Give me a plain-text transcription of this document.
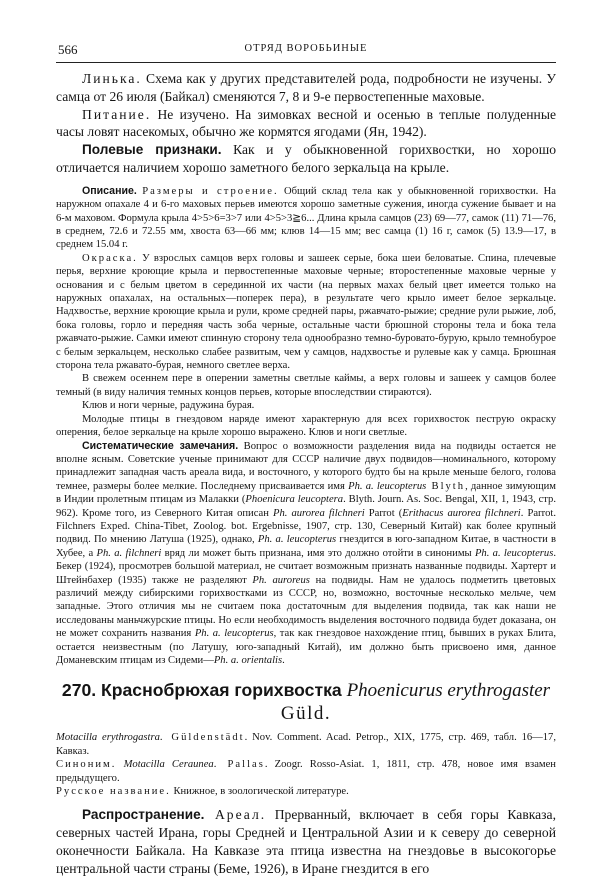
566	ОТРЯД ВОРОБЬИНЫЕ

Линька. Схема как у других представителей рода, подробности не изучены. У самца от 26 июля (Байкал) сменяются 7, 8 и 9-е первостепенные маховые.

Питание. Не изучено. На зимовках весной и осенью в теплые полуденные часы ловят насекомых, обычно же кормятся ягодами (Ян, 1942).

Полевые признаки. Как и у обыкновенной горихвостки, но хорошо отличается наличием хорошо заметного белого зеркальца на крыле.

Описание. Размеры и строение. Общий склад тела как у обыкновенной горихвостки. На наружном опахале 4 и 6-го маховых перьев имеются хорошо заметные сужения, иногда сужение бывает и на 6-м маховом. Формула крыла 4>5>6=3>7 или 4>5>3≧6... Длина крыла самцов (23) 69—77, самок (11) 71—76, в среднем, 72.6 и 72.55 мм, хвоста 63—66 мм; клюв 14—15 мм; вес самца (1) 16 г, самок (5) 13.9—17, в среднем 15.04 г.

Окраска. У взрослых самцов верх головы и зашеек серые, бока шеи беловатые. Спина, плечевые перья, верхние кроющие крыла и первостепенные маховые черные; второстепенные маховые черные у основания и с белым цветом в серединной их части (на первых махах белый цвет имеется только на наружных опахалах, на остальных—поперек пера), в результате чего крыло имеет белое зеркальце. Надхвостье, верхние кроющие крыла и рули, кроме средней пары, ржавчато-рыжие; средние рули рыжие, лоб, бока головы, горло и передняя часть зоба черные, остальные части брюшной стороны тела и бока тела ржавчато-рыжие. Самки имеют спинную сторону тела однообразно темно-буровато-бурую, крыло темнобурое с белым зеркальцем, несколько слабее развитым, чем у самцов, надхвостье и рулевые как у самца. Брюшная сторона тела ржавато-бурая, немного светлее верха.

В свежем осеннем пере в оперении заметны светлые каймы, а верх головы и зашеек у самцов более темный (в виду наличия темных концов перьев, которые впоследствии стираются).

Клюв и ноги черные, радужина бурая.

Молодые птицы в гнездовом наряде имеют характерную для всех горихвосток пеструю окраску оперения, белое зеркальце на крыле хорошо выражено. Клюв и ноги светлые.

Систематические замечания. Вопрос о возможности разделения вида на подвиды остается не вполне ясным. Советские ученые принимают для СССР наличие двух подвидов—номинального, которому принадлежит западная часть ареала вида, и восточного, у которого будто бы на крыле меньше белого, голова темнее, размеры более мелкие. Последнему присваивается имя Ph. a. leucopterus Blyth, данное зимующим в Индии пролетным птицам из Малакки (Phoenicura leucoptera. Blyth. Journ. As. Soc. Bengal, XII, 1, 1943, стр. 962). Кроме того, из Северного Китая описан Ph. aurorea filchneri Parrot (Erithacus aurorea filchneri. Parrot. Filchners Exped. China-Tibet, Zoolog. bot. Ergebnisse, 1907, стр. 130, Северный Китай) как более крупный подвид. По мнению Латуша (1925), однако, Ph. a. leucopterus гнездится в юго-западном Китае, в частности в Хубее, а Ph. a. filchneri вряд ли может быть признана, имя это должно отойти в синонимы Ph. a. leucopterus. Бекер (1924), просмотрев большой материал, не считает возможным признать названные подвиды. Хартерт и Штейнбахер (1935) также не разделяют Ph. auroreus на подвиды. Нам не удалось подметить цветовых различий между сибирскими горихвостками из СССР, но, возможно, восточные несколько мельче, чем западные. Этого отличия мы не считаем пока достаточным для выделения подвида, так как наши не исследованы маньчжурские птицы. Но если необходимость выделения восточного подвида будет доказана, он не может сохранить названия Ph. a. leucopterus, так как гнездовое нахождение птиц, бывших в руках Блита, остается неизвестным (по Латушу, юго-западный Китай), им должно быть присвоено имя, данное Доманевским птицам из Сидеми—Ph. a. orientalis.

270. Краснобрюхая горихвостка Phoenicurus erythrogaster
Güld.

Motacilla erythrogastra. Güldenstädt. Nov. Comment. Acad. Petrop., XIX, 1775, стр. 469, табл. 16—17, Кавказ.

Синоним. Motacilla Ceraunea. Pallas. Zoogr. Rosso-Asiat. 1, 1811, стр. 478, новое имя взамен предыдущего.

Русское название. Книжное, в зоологической литературе.

Распространение. Ареал. Прерванный, включает в себя горы Кавказа, северных частей Ирана, горы Средней и Центральной Азии и к северу до северной оконечности Байкала. На Кавказе эта птица известна на гнездовье в высокогорье центральной части страны (Беме, 1926), в Иране гнездится в его
